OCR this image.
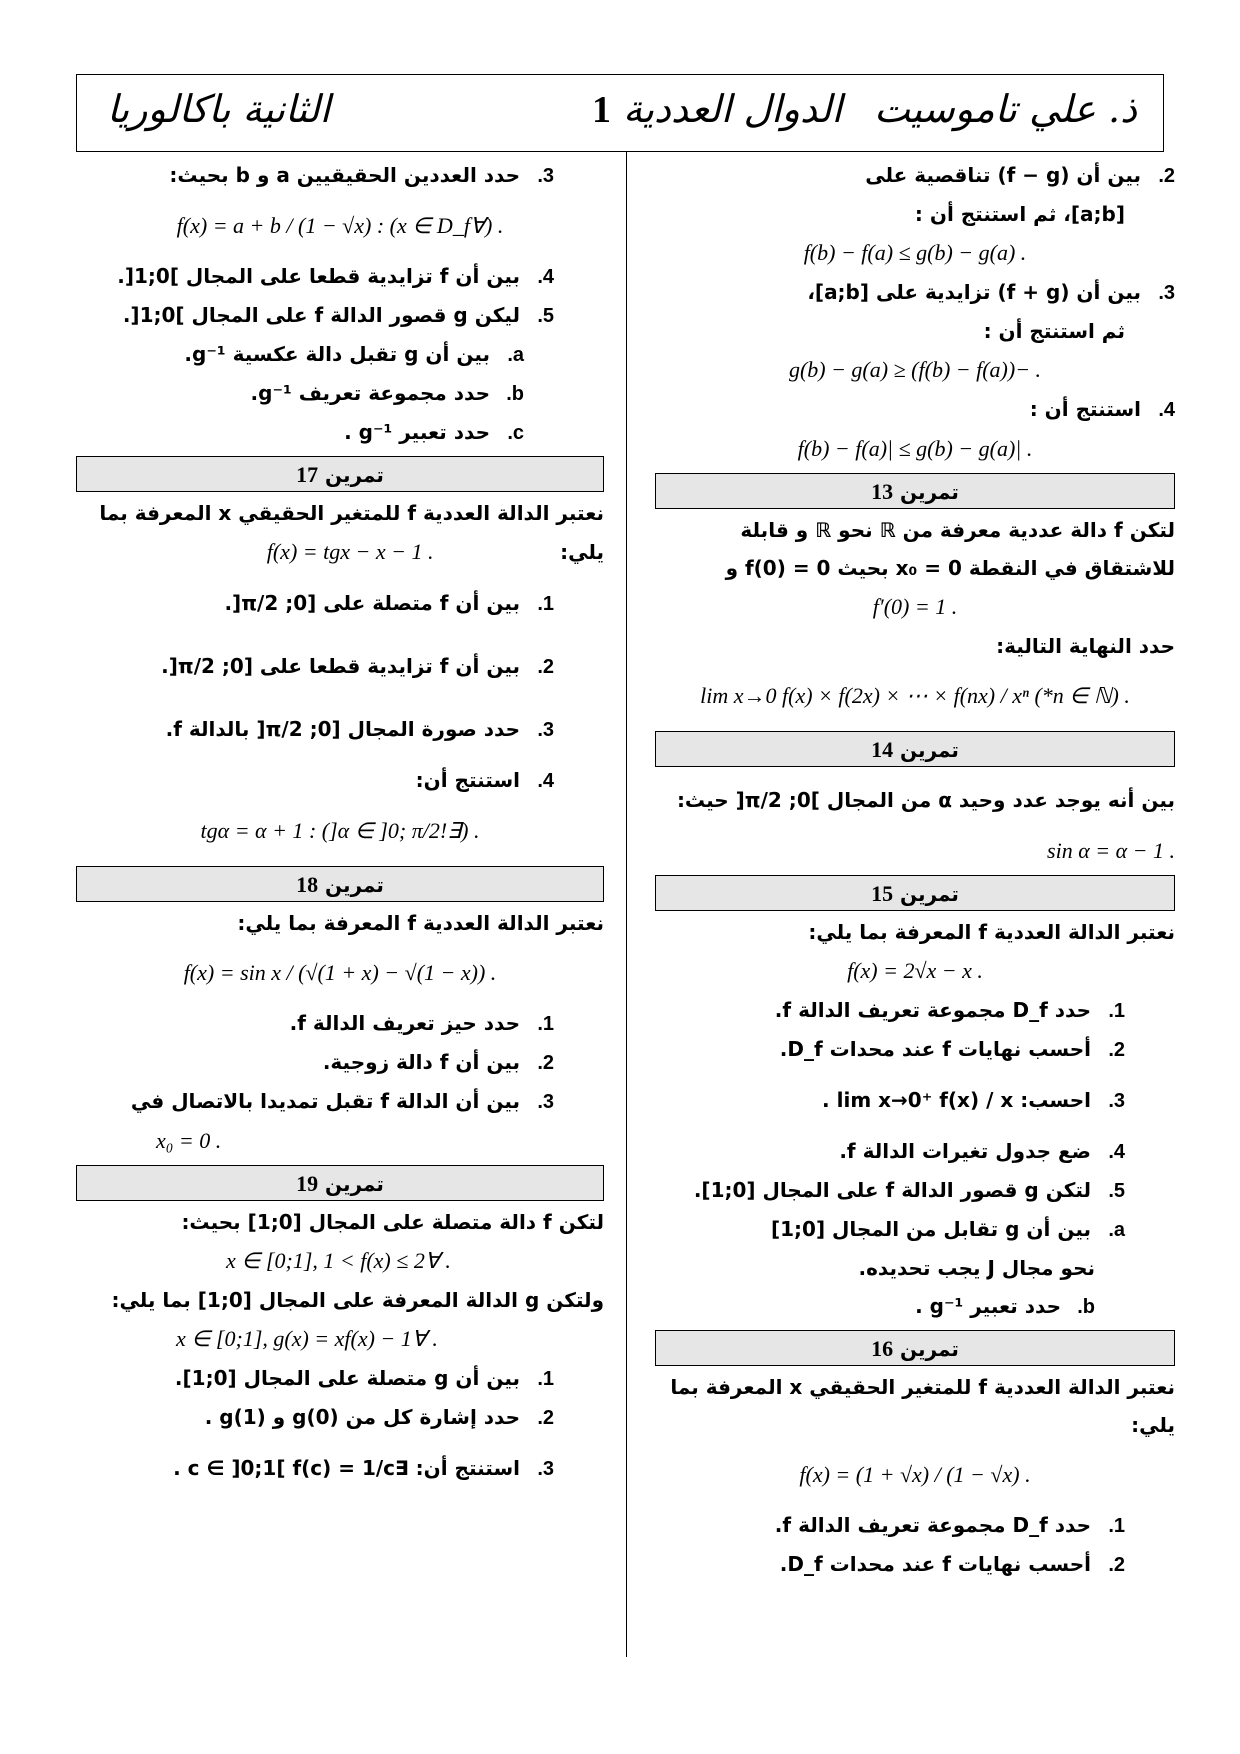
ذ. علي تاموسيت
الدوال العددية 1
الثانية باكالوريا
2.بين أن (f − g) تناقصية على
[a;b]، ثم استنتج أن :
. f(b) − f(a) ≤ g(b) − g(a)
3.بين أن (f + g) تزايدية على [a;b]،
ثم استنتج أن :
. −(f(b) − f(a)) ≤ g(b) − g(a)
4.استنتج أن :
. |f(b) − f(a)| ≤ g(b) − g(a)
تمرين 13
لتكن f دالة عددية معرفة من ℝ نحو ℝ و قابلة
للاشتقاق في النقطة x₀ = 0 بحيث f(0) = 0 و
. f′(0) = 1
حدد النهاية التالية:
. (n ∈ ℕ*) lim x→0 f(x) × f(2x) × ⋯ × f(nx) / xⁿ
تمرين 14
بين أنه يوجد عدد وحيد α من المجال ]0; π/2[ حيث:
. 1 − sin α = α
تمرين 15
نعتبر الدالة العددية f المعرفة بما يلي:
. f(x) = 2√x − x
1.حدد D_f مجموعة تعريف الدالة f.
2.أحسب نهايات f عند محدات D_f.
3.احسب: lim x→0⁺ f(x) / x .
4.ضع جدول تغيرات الدالة f.
5.لتكن g قصور الدالة f على المجال [0;1].
a.بين أن g تقابل من المجال [0;1]
نحو مجال J يجب تحديده.
b.حدد تعبير g⁻¹ .
تمرين 16
نعتبر الدالة العددية f للمتغير الحقيقي x المعرفة بما
يلي:
. f(x) = (1 + √x) / (1 − √x)
1.حدد D_f مجموعة تعريف الدالة f.
2.أحسب نهايات f عند محدات D_f.
3.حدد العددين الحقيقيين a و b بحيث:
. (∀x ∈ D_f) : f(x) = a + b / (1 − √x)
4.بين أن f تزايدية قطعا على المجال ]0;1[.
5.ليكن g قصور الدالة f على المجال ]0;1[.
a.بين أن g تقبل دالة عكسية g⁻¹.
b.حدد مجموعة تعريف g⁻¹.
c.حدد تعبير g⁻¹ .
تمرين 17
نعتبر الدالة العددية f للمتغير الحقيقي x المعرفة بما
يلي:. f(x) = tgx − x − 1
1.بين أن f متصلة على [0; π/2[.
2.بين أن f تزايدية قطعا على [0; π/2[.
3.حدد صورة المجال [0; π/2[ بالدالة f.
4.استنتج أن:
. (∃!α ∈ ]0; π/2[) : tgα = α + 1
تمرين 18
نعتبر الدالة العددية f المعرفة بما يلي:
. f(x) = sin x / (√(1 + x) − √(1 − x))
1.حدد حيز تعريف الدالة f.
2.بين أن f دالة زوجية.
3.بين أن الدالة f تقبل تمديدا بالاتصال في
. x₀ = 0
تمرين 19
لتكن f دالة متصلة على المجال [0;1] بحيث:
. ∀x ∈ [0;1], 1 < f(x) ≤ 2
ولتكن g الدالة المعرفة على المجال [0;1] بما يلي:
. ∀x ∈ [0;1], g(x) = xf(x) − 1
1.بين أن g متصلة على المجال [0;1].
2.حدد إشارة كل من g(0) و g(1) .
3.استنتج أن: ∃c ∈ ]0;1[ f(c) = 1/c .
